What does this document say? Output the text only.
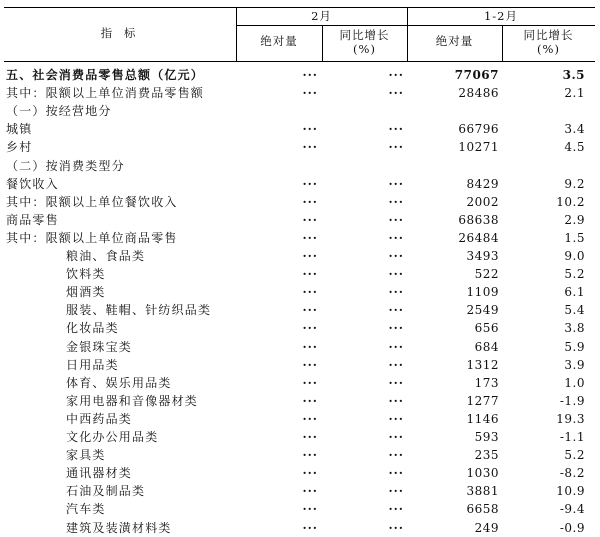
指 标
2月	1-2月
绝对量	同比增长
(%)
绝对量	同比增长
(%)
五、社会消费品零售总额（亿元）	···	···	77067	3.5
其中：限额以上单位消费品零售额	···	···	28486	2.1
（一）按经营地分
城镇	···	···	66796	3.4
乡村	···	···	10271	4.5
（二）按消费类型分
餐饮收入	···	···	8429	9.2
其中：限额以上单位餐饮收入	···	···	2002	10.2
商品零售	···	···	68638	2.9
其中：限额以上单位商品零售	···	···	26484	1.5
粮油、食品类	···	···	3493	9.0
饮料类	···	···	522	5.2
烟酒类	···	···	1109	6.1
服装、鞋帽、针纺织品类	···	···	2549	5.4
化妆品类	···	···	656	3.8
金银珠宝类	···	···	684	5.9
日用品类	···	···	1312	3.9
体育、娱乐用品类	···	···	173	1.0
家用电器和音像器材类	···	···	1277	-1.9
中西药品类	···	···	1146	19.3
文化办公用品类	···	···	593	-1.1
家具类	···	···	235	5.2
通讯器材类	···	···	1030	-8.2
石油及制品类	···	···	3881	10.9
汽车类	···	···	6658	-9.4
建筑及装潢材料类	···	···	249	-0.9
